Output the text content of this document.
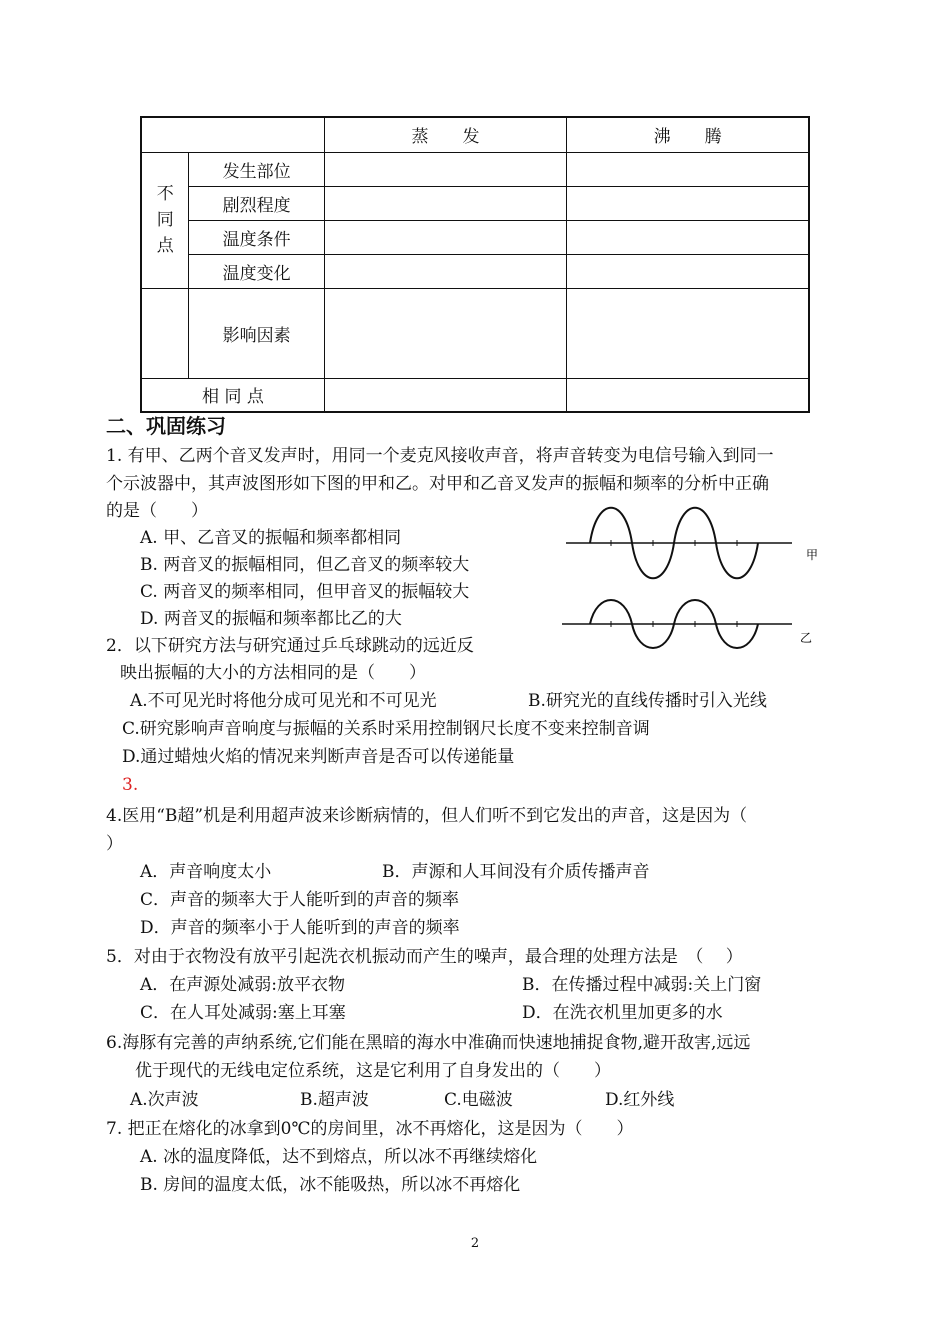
		蒸　　发	沸　　腾

不
同
点	发生部位		
	剧烈程度		
	温度条件		
	温度变化		
	影响因素		
相 同 点			
二、巩固练习
1. 有甲、乙两个音叉发声时，用同一个麦克风接收声音，将声音转变为电信号输入到同一
个示波器中，其声波图形如下图的甲和乙。对甲和乙音叉发声的振幅和频率的分析中正确
的是（　　）
A. 甲、乙音叉的振幅和频率都相同
B. 两音叉的振幅相同，但乙音叉的频率较大
C. 两音叉的频率相同，但甲音叉的振幅较大
D. 两音叉的振幅和频率都比乙的大
甲
乙
2．以下研究方法与研究通过乒乓球跳动的远近反
映出振幅的大小的方法相同的是（　　）
A.不可见光时将他分成可见光和不可见光	B.研究光的直线传播时引入光线
C.研究影响声音响度与振幅的关系时采用控制钢尺长度不变来控制音调
D.通过蜡烛火焰的情况来判断声音是否可以传递能量
3.
4.医用“B超”机是利用超声波来诊断病情的，但人们听不到它发出的声音，这是因为（
）
A．声音响度太小	B．声源和人耳间没有介质传播声音
C．声音的频率大于人能听到的声音的频率
D．声音的频率小于人能听到的声音的频率
5．对由于衣物没有放平引起洗衣机振动而产生的噪声，最合理的处理方法是　（　 ）
A．在声源处减弱:放平衣物	B．在传播过程中减弱:关上门窗
C．在人耳处减弱:塞上耳塞	D．在洗衣机里加更多的水
6.海豚有完善的声纳系统,它们能在黑暗的海水中准确而快速地捕捉食物,避开敌害,远远
优于现代的无线电定位系统，这是它利用了自身发出的（　　）
A.次声波	B.超声波	C.电磁波	D.红外线
7. 把正在熔化的冰拿到0℃的房间里，冰不再熔化，这是因为（　　）
A. 冰的温度降低，达不到熔点，所以冰不再继续熔化
B. 房间的温度太低，冰不能吸热，所以冰不再熔化
2
